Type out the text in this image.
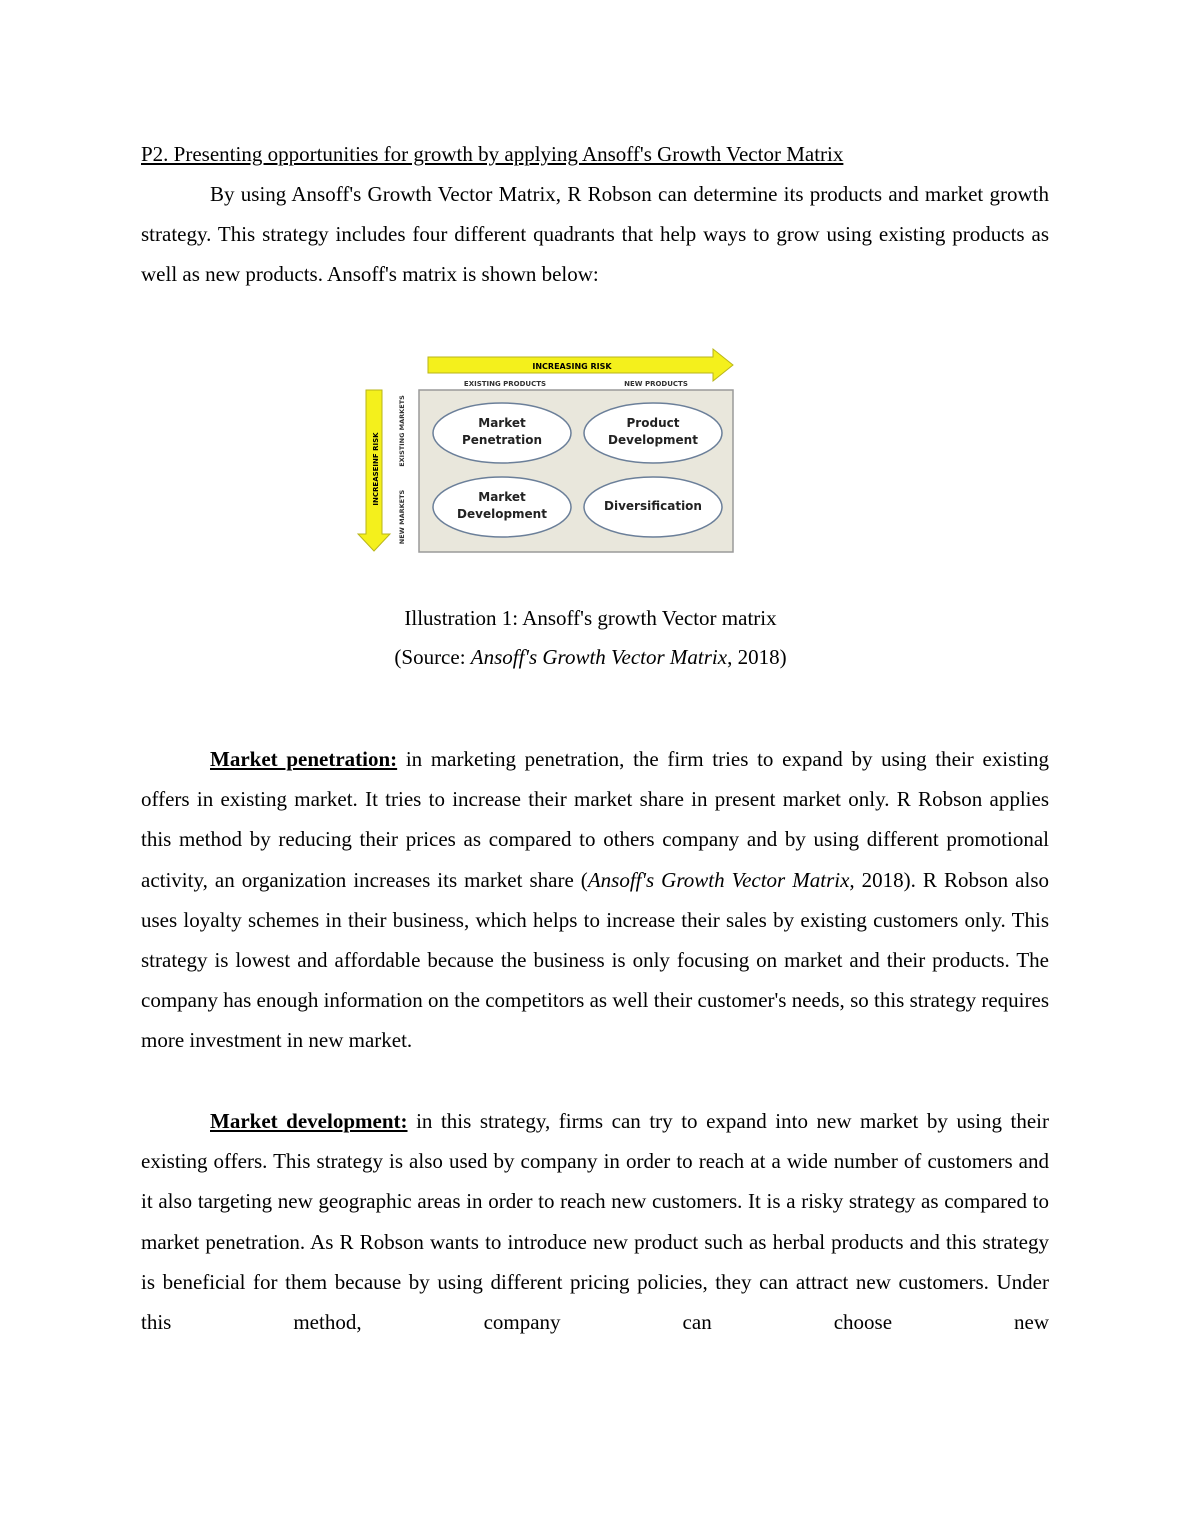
P2. Presenting opportunities for growth by applying Ansoff's Growth Vector Matrix

By using Ansoff's Growth Vector Matrix, R Robson can determine its products and market growth strategy. This strategy includes four different quadrants that help ways to grow using existing products as well as new products. Ansoff's matrix is shown below:

INCREASING RISK
EXISTING PRODUCTS	NEW PRODUCTS
INCREASEINF RISK
EXISTING MARKETS
NEW MARKETS
Market
Penetration
Product
Development
Market
Development
Diversification

Illustration 1: Ansoff's growth Vector matrix

(Source: Ansoff's Growth Vector Matrix, 2018)

Market penetration: in marketing penetration, the firm tries to expand by using their existing offers in existing market. It tries to increase their market share in present market only. R Robson applies this method by reducing their prices as compared to others company and by using different promotional activity, an organization increases its market share (Ansoff's Growth Vector Matrix, 2018). R Robson also uses loyalty schemes in their business, which helps to increase their sales by existing customers only. This strategy is lowest and affordable because the business is only focusing on market and their products. The company has enough information on the competitors as well their customer's needs, so this strategy requires more investment in new market.

Market development: in this strategy, firms can try to expand into new market by using their existing offers. This strategy is also used by company in order to reach at a wide number of customers and it also targeting new geographic areas in order to reach new customers. It is a risky strategy as compared to market penetration. As R Robson wants to introduce new product such as herbal products and this strategy is beneficial for them because by using different pricing policies, they can attract new customers. Under this method, company can choose new
